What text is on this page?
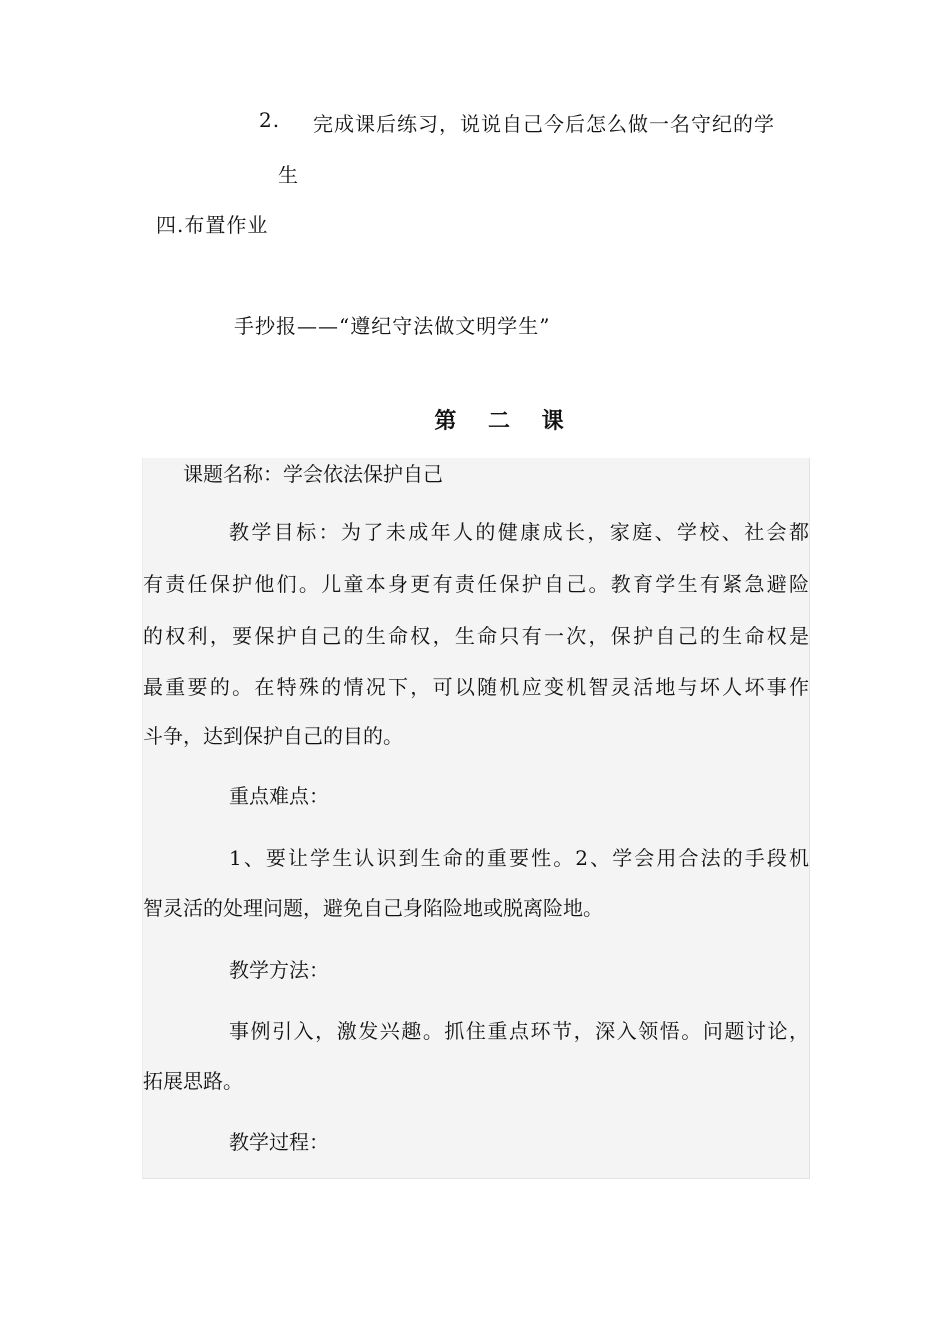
2. 完成课后练习，说说自己今后怎么做一名守纪的学
生
四.布置作业
手抄报——“遵纪守法做文明学生”
第 二 课
课题名称：学会依法保护自己
教学目标：为了未成年人的健康成长，家庭、学校、社会都
有责任保护他们。儿童本身更有责任保护自己。教育学生有紧急避险
的权利，要保护自己的生命权，生命只有一次，保护自己的生命权是
最重要的。在特殊的情况下，可以随机应变机智灵活地与坏人坏事作
斗争，达到保护自己的目的。
重点难点：
1、要让学生认识到生命的重要性。2、学会用合法的手段机
智灵活的处理问题，避免自己身陷险地或脱离险地。
教学方法：
事例引入，激发兴趣。抓住重点环节，深入领悟。问题讨论，
拓展思路。
教学过程：
